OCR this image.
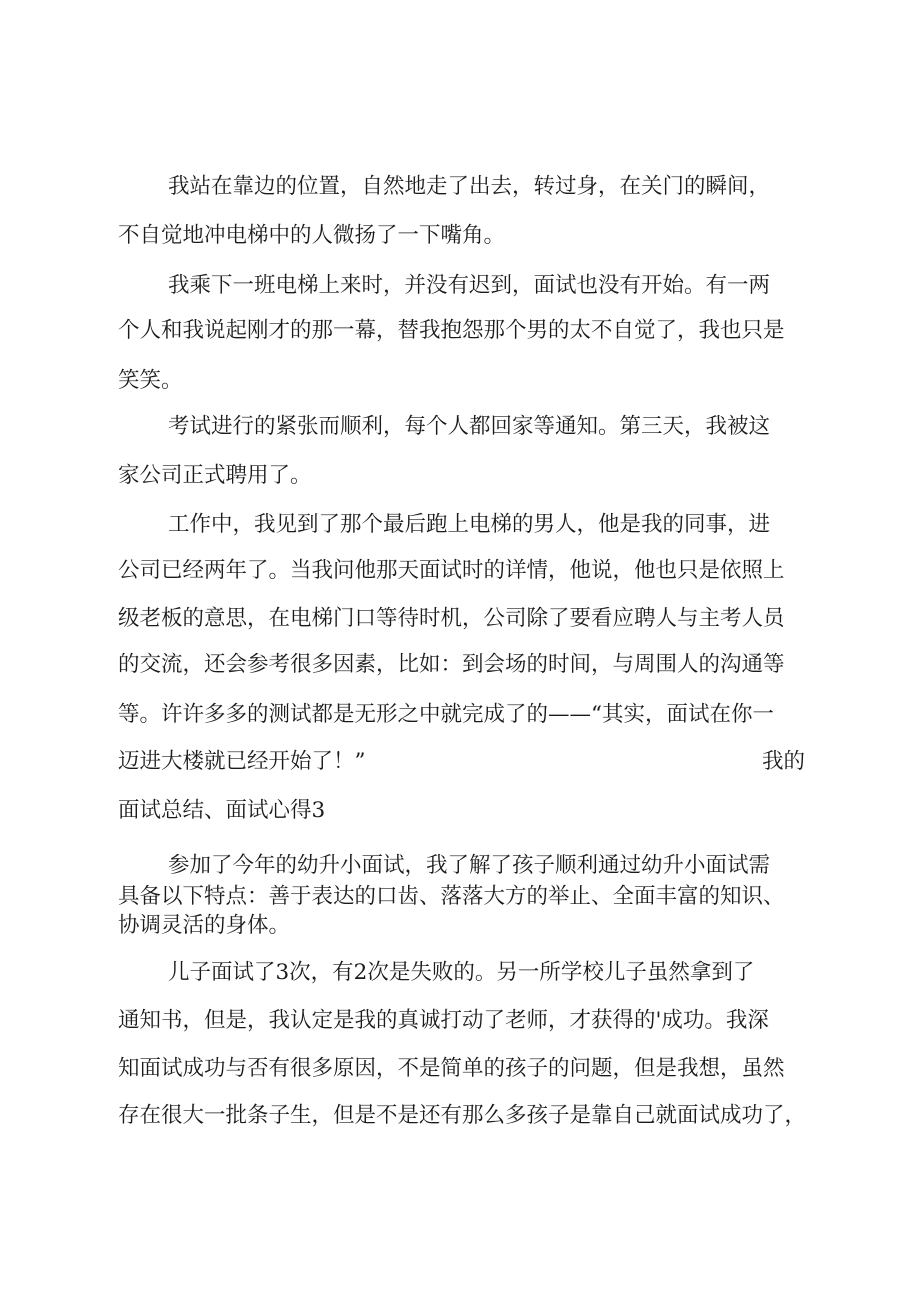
我站在靠边的位置，自然地走了出去，转过身，在关门的瞬间，
不自觉地冲电梯中的人微扬了一下嘴角。
我乘下一班电梯上来时，并没有迟到，面试也没有开始。有一两
个人和我说起刚才的那一幕，替我抱怨那个男的太不自觉了，我也只是
笑笑。
考试进行的紧张而顺利，每个人都回家等通知。第三天，我被这
家公司正式聘用了。
工作中，我见到了那个最后跑上电梯的男人，他是我的同事，进
公司已经两年了。当我问他那天面试时的详情，他说，他也只是依照上
级老板的意思，在电梯门口等待时机，公司除了要看应聘人与主考人员
的交流，还会参考很多因素，比如：到会场的时间，与周围人的沟通等
等。许许多多的测试都是无形之中就完成了的——“其实，面试在你一
迈进大楼就已经开始了！”	我的
面试总结、面试心得3
参加了今年的幼升小面试，我了解了孩子顺利通过幼升小面试需
具备以下特点：善于表达的口齿、落落大方的举止、全面丰富的知识、
协调灵活的身体。
儿子面试了3次，有2次是失败的。另一所学校儿子虽然拿到了
通知书，但是，我认定是我的真诚打动了老师，才获得的'成功。我深
知面试成功与否有很多原因，不是简单的孩子的问题，但是我想，虽然
存在很大一批条子生，但是不是还有那么多孩子是靠自己就面试成功了，
